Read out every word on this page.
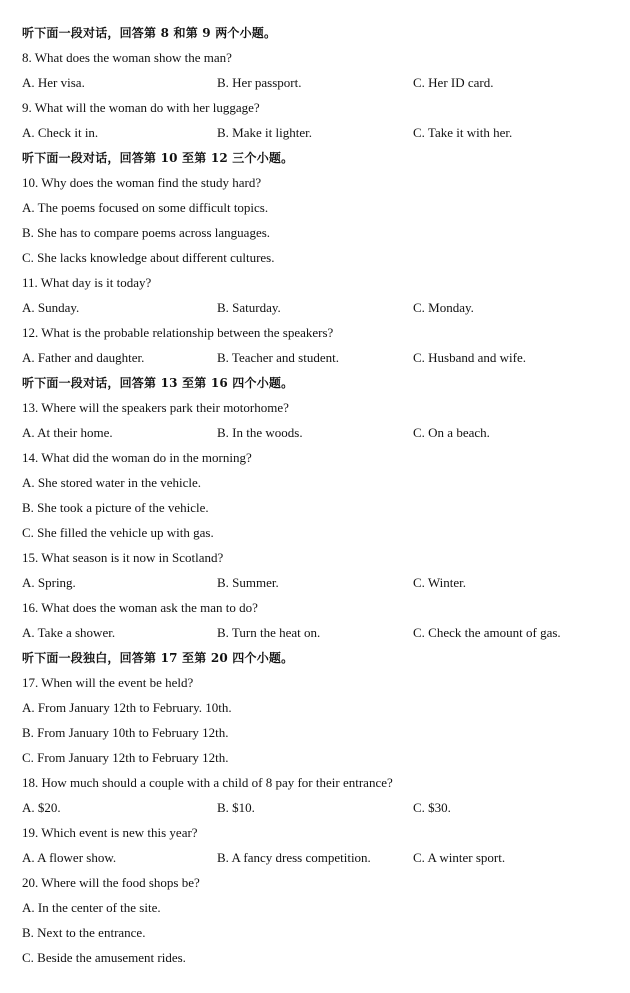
听下面一段对话，回答第 8 和第 9 两个小题。
8. What does the woman show the man?
A. Her visa.	B. Her passport.	C. Her ID card.
9. What will the woman do with her luggage?
A. Check it in.	B. Make it lighter.	C. Take it with her.
听下面一段对话，回答第 10 至第 12 三个小题。
10. Why does the woman find the study hard?
A. The poems focused on some difficult topics.
B. She has to compare poems across languages.
C. She lacks knowledge about different cultures.
11. What day is it today?
A. Sunday.	B. Saturday.	C. Monday.
12. What is the probable relationship between the speakers?
A. Father and daughter.	B. Teacher and student.	C. Husband and wife.
听下面一段对话，回答第 13 至第 16 四个小题。
13. Where will the speakers park their motorhome?
A. At their home.	B. In the woods.	C. On a beach.
14. What did the woman do in the morning?
A. She stored water in the vehicle.
B. She took a picture of the vehicle.
C. She filled the vehicle up with gas.
15. What season is it now in Scotland?
A. Spring.	B. Summer.	C. Winter.
16. What does the woman ask the man to do?
A. Take a shower.	B. Turn the heat on.	C. Check the amount of gas.
听下面一段独白，回答第 17 至第 20 四个小题。
17. When will the event be held?
A. From January 12th to February. 10th.
B. From January 10th to February 12th.
C. From January 12th to February 12th.
18. How much should a couple with a child of 8 pay for their entrance?
A. $20.	B. $10.	C. $30.
19. Which event is new this year?
A. A flower show.	B. A fancy dress competition.	C. A winter sport.
20. Where will the food shops be?
A. In the center of the site.
B. Next to the entrance.
C. Beside the amusement rides.
